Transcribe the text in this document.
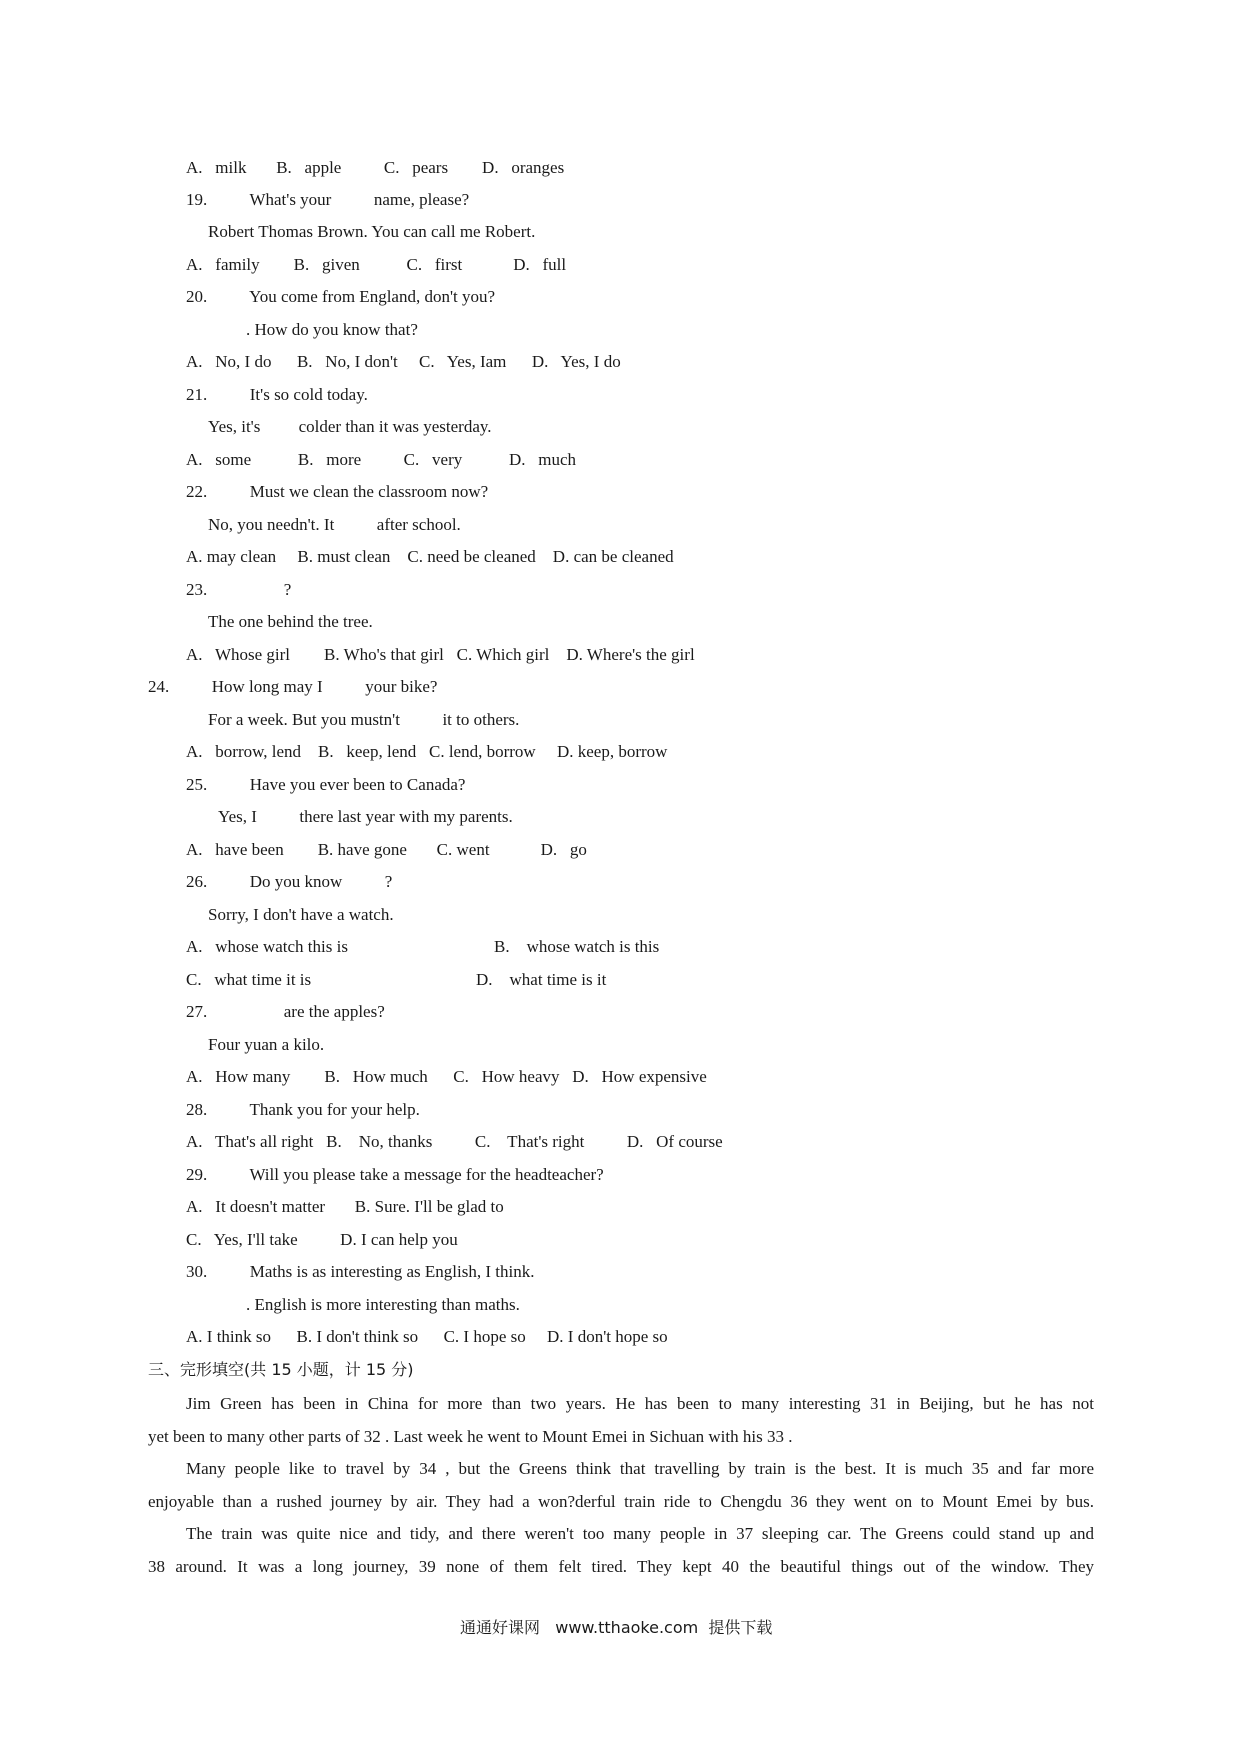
A.   milk       B.   apple          C.   pears        D.   oranges
19.          What's your          name, please?
Robert Thomas Brown. You can call me Robert.
A.   family        B.   given           C.   first            D.   full
20.          You come from England, don't you?
. How do you know that?
A.   No, I do      B.   No, I don't     C.   Yes, Iam      D.   Yes, I do
21.          It's so cold today.
Yes, it's         colder than it was yesterday.
A.   some           B.   more          C.   very           D.   much
22.          Must we clean the classroom now?
No, you needn't. It          after school.
A. may clean     B. must clean    C. need be cleaned    D. can be cleaned
23.                  ?
The one behind the tree.
A.   Whose girl        B. Who's that girl   C. Which girl    D. Where's the girl
24.          How long may I          your bike?
For a week. But you mustn't          it to others.
A.   borrow, lend    B.   keep, lend   C. lend, borrow     D. keep, borrow
25.          Have you ever been to Canada?
Yes, I          there last year with my parents.
A.   have been        B. have gone       C. went            D.   go
26.          Do you know          ?
Sorry, I don't have a watch.
A.   whose watch this is	B.    whose watch is this
C.   what time it is	D.    what time is it
27.                  are the apples?
Four yuan a kilo.
A.   How many        B.   How much      C.   How heavy   D.   How expensive
28.          Thank you for your help.
A.   That's all right   B.    No, thanks          C.    That's right          D.   Of course
29.          Will you please take a message for the headteacher?
A.   It doesn't matter       B. Sure. I'll be glad to
C.   Yes, I'll take          D. I can help you
30.          Maths is as interesting as English, I think.
. English is more interesting than maths.
A. I think so      B. I don't think so      C. I hope so     D. I don't hope so
三、完形填空(共 15 小题，计 15 分)
Jim Green has been in China for more than two years. He has been to many interesting 31 in Beijing, but he has not
yet been to many other parts of 32 . Last week he went to Mount Emei in Sichuan with his 33 .
Many people like to travel by 34 , but the Greens think that travelling by train is the best. It is much 35 and far more
enjoyable than a rushed journey by air. They had a won?derful train ride to Chengdu 36 they went on to Mount Emei by bus.
The train was quite nice and tidy, and there weren't too many people in 37 sleeping car. The Greens could stand up and
38 around. It was a long journey, 39 none of them felt tired. They kept 40 the beautiful things out of the window. They
通通好课网   www.tthaoke.com  提供下载
